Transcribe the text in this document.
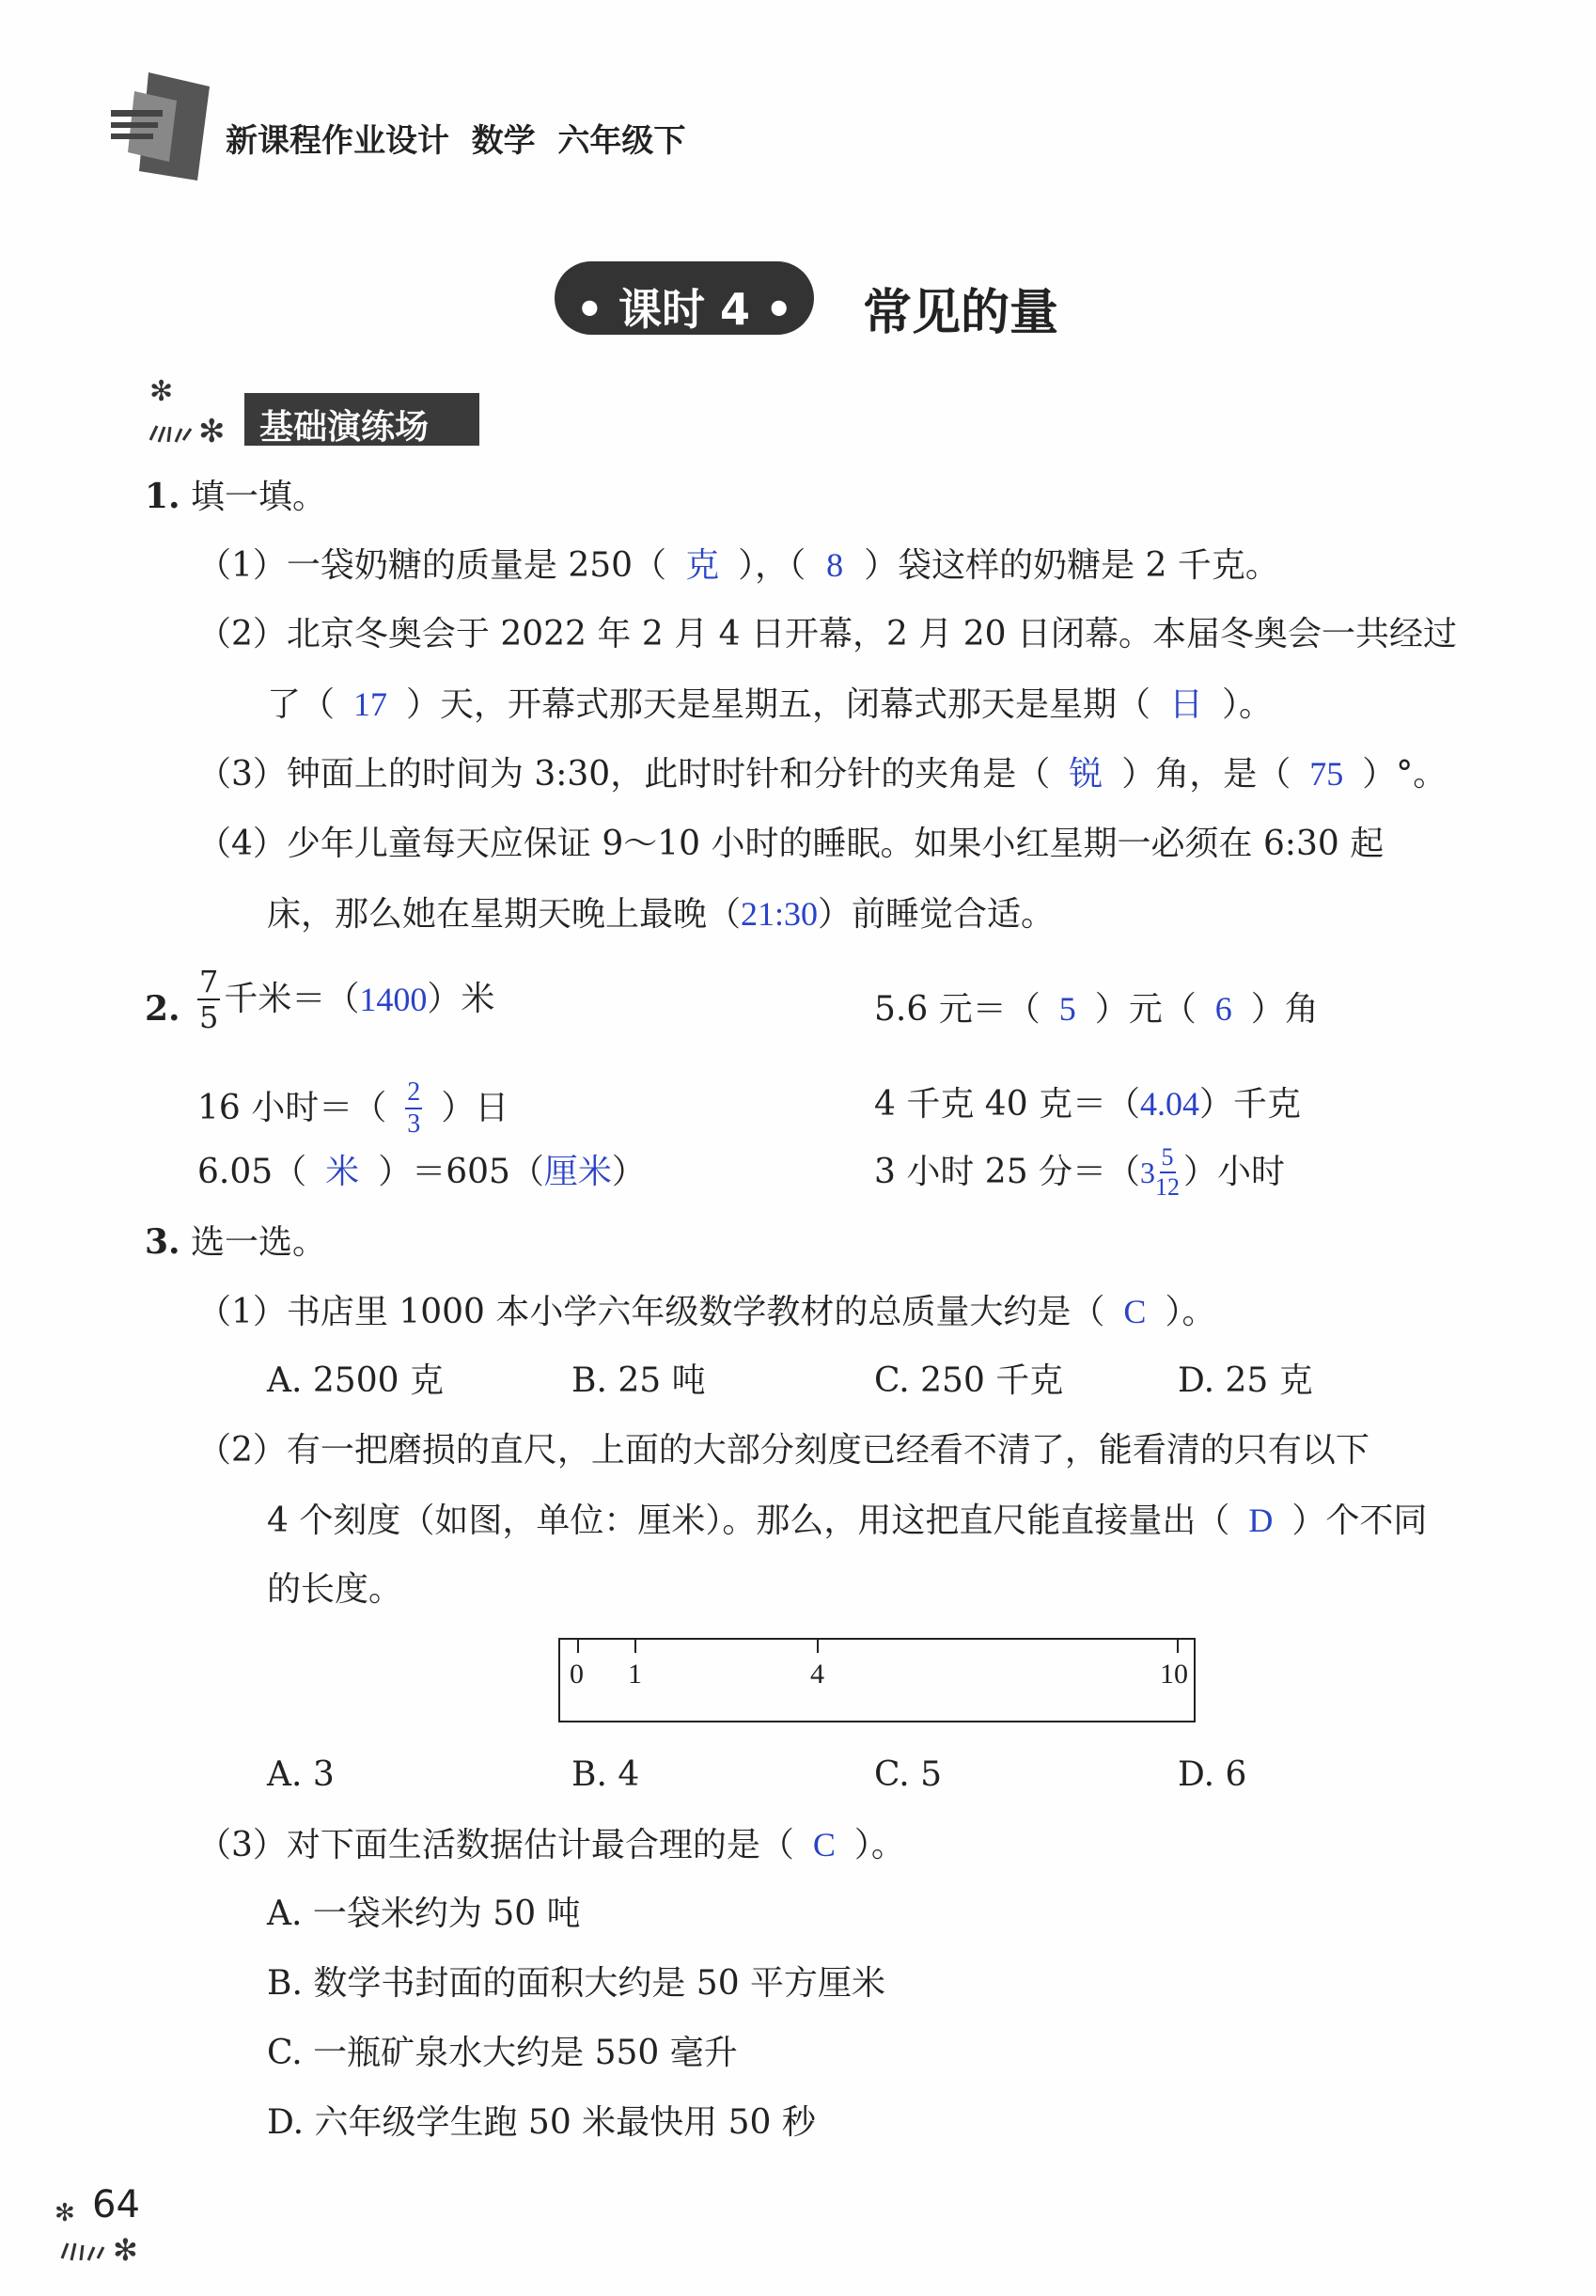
新课程作业设计  数学  六年级下
• 课时 4 •	常见的量
✻
✻ 基础演练场
1. 填一填。
（1）一袋奶糖的质量是 250（ 克 ），（ 8 ）袋这样的奶糖是 2 千克。
（2）北京冬奥会于 2022 年 2 月 4 日开幕，2 月 20 日闭幕。本届冬奥会一共经过
了（ 17 ）天，开幕式那天是星期五，闭幕式那天是星期（ 日 ）。
（3）钟面上的时间为 3:30，此时时针和分针的夹角是（ 锐 ）角，是（ 75 ）°。
（4）少年儿童每天应保证 9～10 小时的睡眠。如果小红星期一必须在 6:30 起
床，那么她在星期天晚上最晚（21:30）前睡觉合适。
2. $\frac{7}{5}$ 千米＝（ 1400 ）米	5.6 元＝（ 5 ）元（ 6 ）角
16 小时＝（ $\frac{2}{3}$ ）日	4 千克 40 克＝（4.04）千克
6.05（ 米 ）＝605（厘米）	3 小时 25 分＝（ $3 \frac{5}{12}$ ）小时
3. 选一选。
（1）书店里 1000 本小学六年级数学教材的总质量大约是（ C ）。
A. 2500 克	B. 25 吨	C. 250 千克	D. 25 克
（2）有一把磨损的直尺，上面的大部分刻度已经看不清了，能看清的只有以下
4 个刻度（如图，单位：厘米）。那么，用这把直尺能直接量出（ D ）个不同
的长度。
0 1	4	10
A. 3	B. 4	C. 5	D. 6
（3）对下面生活数据估计最合理的是（ C ）。
A. 一袋米约为 50 吨
B. 数学书封面的面积大约是 50 平方厘米
C. 一瓶矿泉水大约是 550 毫升
D. 六年级学生跑 50 米最快用 50 秒
✻
✻
64
